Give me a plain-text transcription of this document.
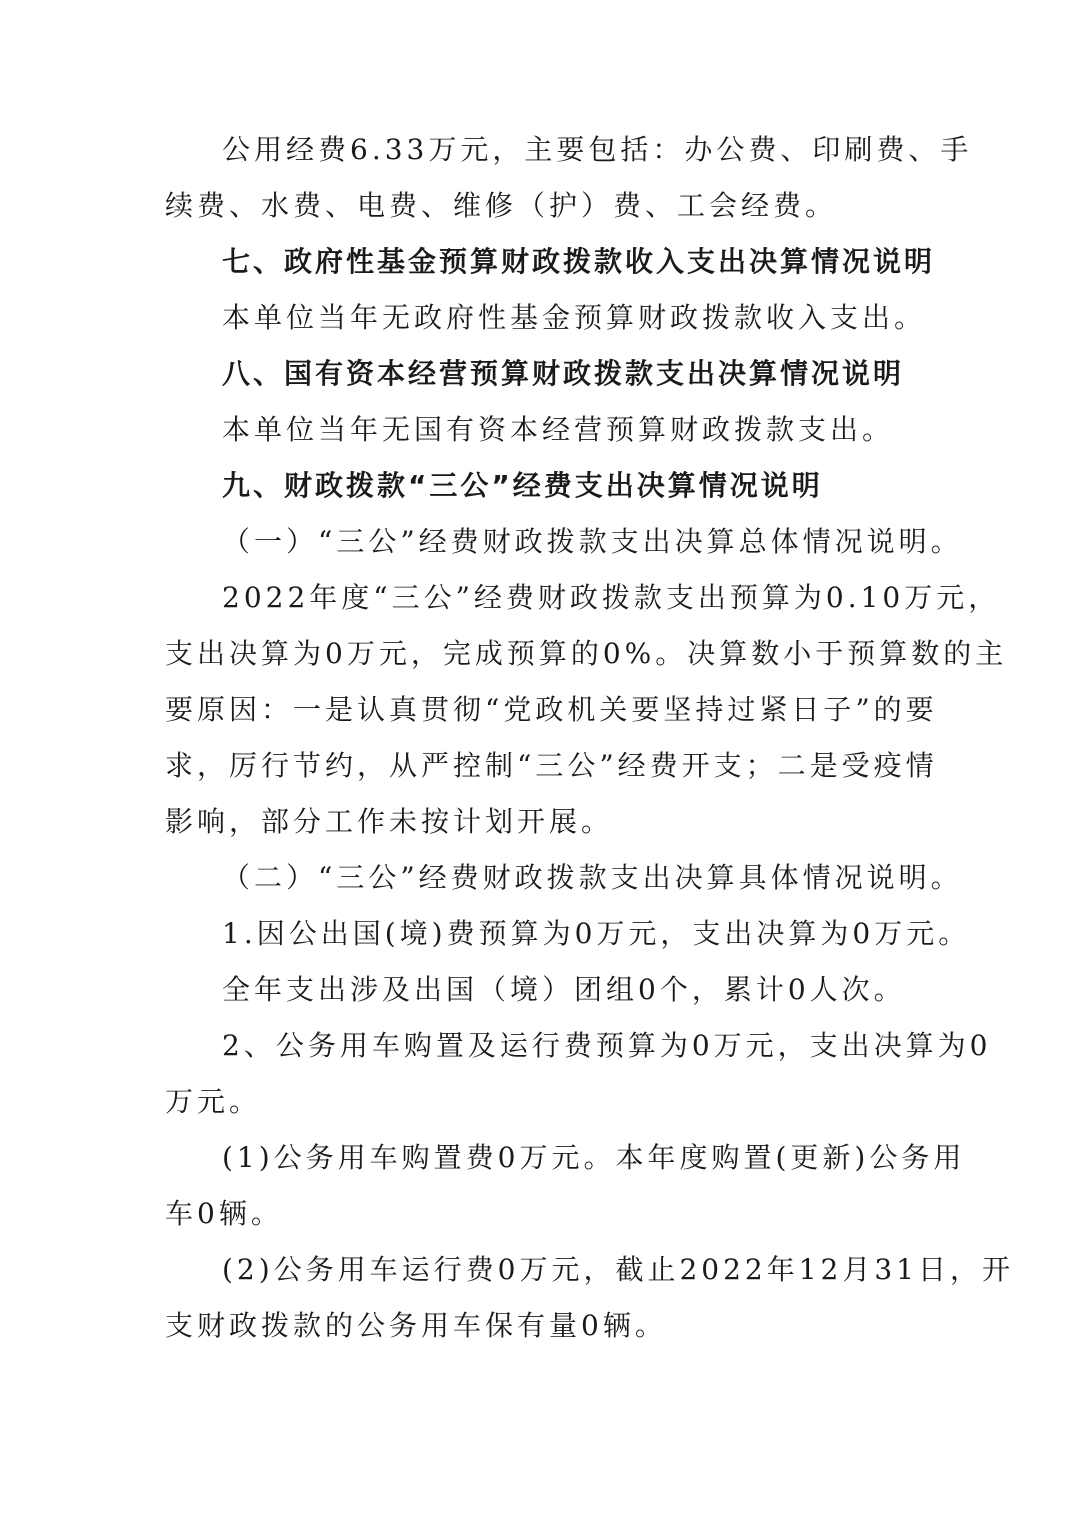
公用经费6.33万元，主要包括：办公费、印刷费、手
续费、水费、电费、维修（护）费、工会经费。
七、政府性基金预算财政拨款收入支出决算情况说明
本单位当年无政府性基金预算财政拨款收入支出。
八、国有资本经营预算财政拨款支出决算情况说明
本单位当年无国有资本经营预算财政拨款支出。
九、财政拨款“三公”经费支出决算情况说明
（一）“三公”经费财政拨款支出决算总体情况说明。
2022年度“三公”经费财政拨款支出预算为0.10万元，
支出决算为0万元，完成预算的0%。决算数小于预算数的主
要原因：一是认真贯彻“党政机关要坚持过紧日子”的要
求，厉行节约，从严控制“三公”经费开支；二是受疫情
影响，部分工作未按计划开展。
（二）“三公”经费财政拨款支出决算具体情况说明。
1.因公出国(境)费预算为0万元，支出决算为0万元。
全年支出涉及出国（境）团组0个，累计0人次。
2、公务用车购置及运行费预算为0万元，支出决算为0
万元。
(1)公务用车购置费0万元。本年度购置(更新)公务用
车0辆。
(2)公务用车运行费0万元，截止2022年12月31日，开
支财政拨款的公务用车保有量0辆。
